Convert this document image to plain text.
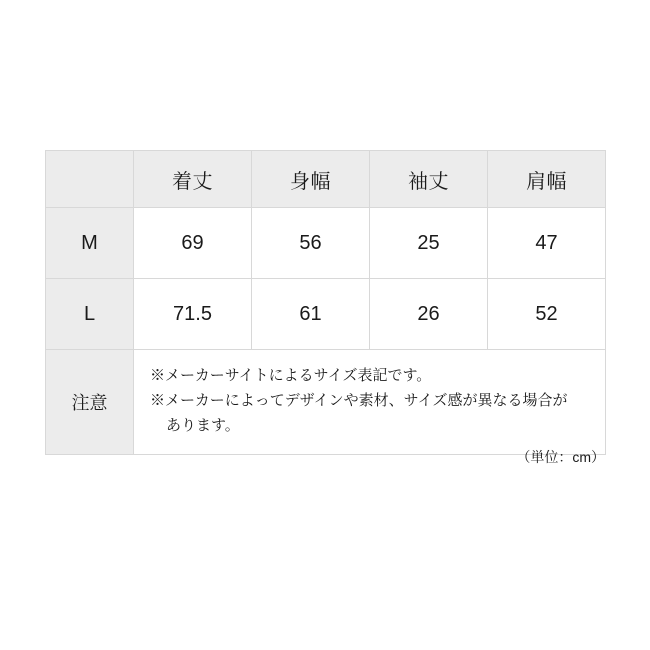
	着丈	身幅	袖丈	肩幅
M	69	56	25	47
L	71.5	61	26	52
注意	※メーカーサイトによるサイズ表記です。
※メーカーによってデザインや素材、サイズ感が異なる場合が
あります。			
（単位：cm）
